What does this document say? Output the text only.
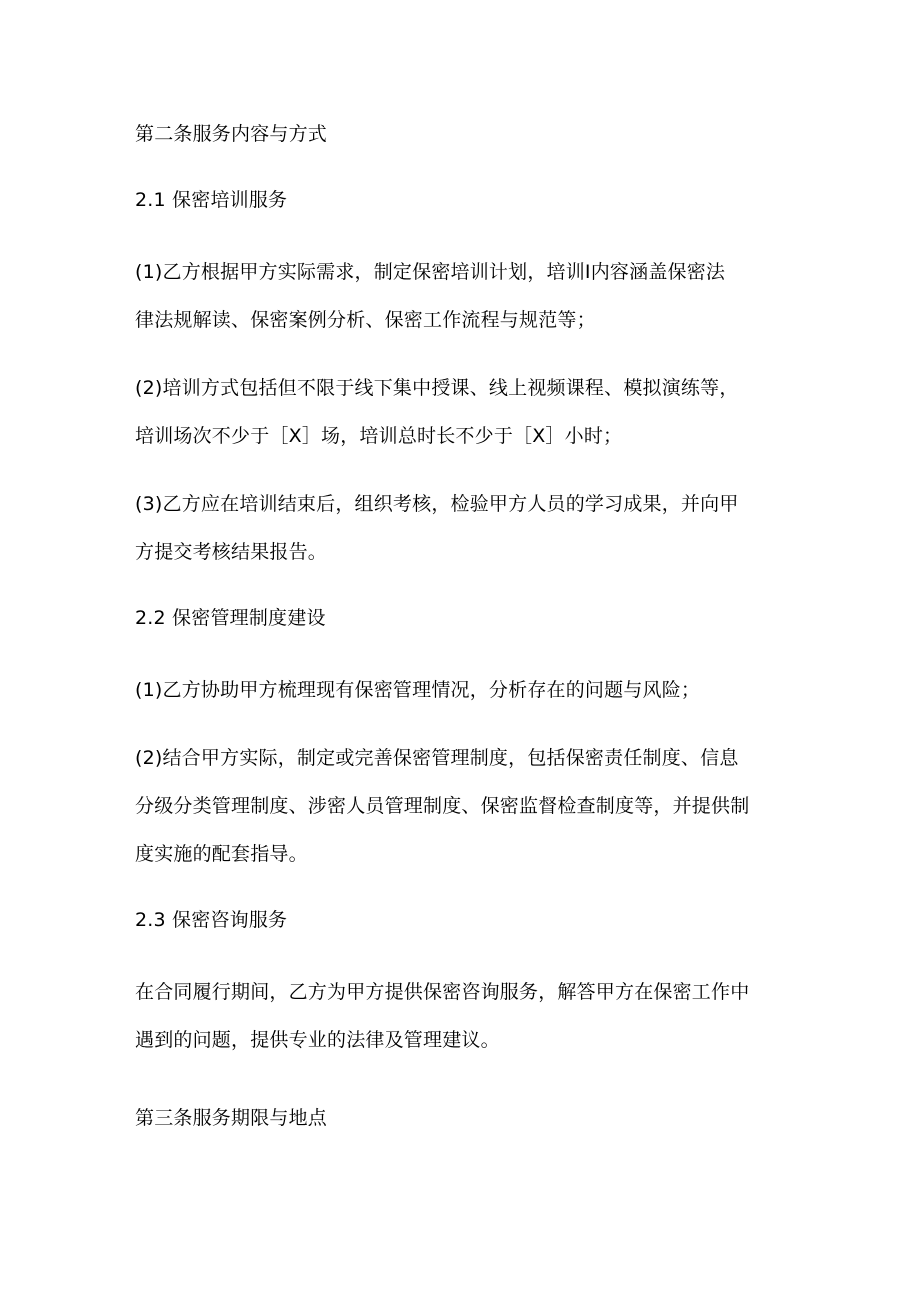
第二条服务内容与方式
2.1 保密培训服务
(1)乙方根据甲方实际需求，制定保密培训计划，培训I内容涵盖保密法
律法规解读、保密案例分析、保密工作流程与规范等；
(2)培训方式包括但不限于线下集中授课、线上视频课程、模拟演练等，
培训场次不少于［X］场，培训总时长不少于［X］小时；
(3)乙方应在培训结束后，组织考核，检验甲方人员的学习成果，并向甲
方提交考核结果报告。
2.2 保密管理制度建设
(1)乙方协助甲方梳理现有保密管理情况，分析存在的问题与风险；
(2)结合甲方实际，制定或完善保密管理制度，包括保密责任制度、信息
分级分类管理制度、涉密人员管理制度、保密监督检查制度等，并提供制
度实施的配套指导。
2.3 保密咨询服务
在合同履行期间，乙方为甲方提供保密咨询服务，解答甲方在保密工作中
遇到的问题，提供专业的法律及管理建议。
第三条服务期限与地点
